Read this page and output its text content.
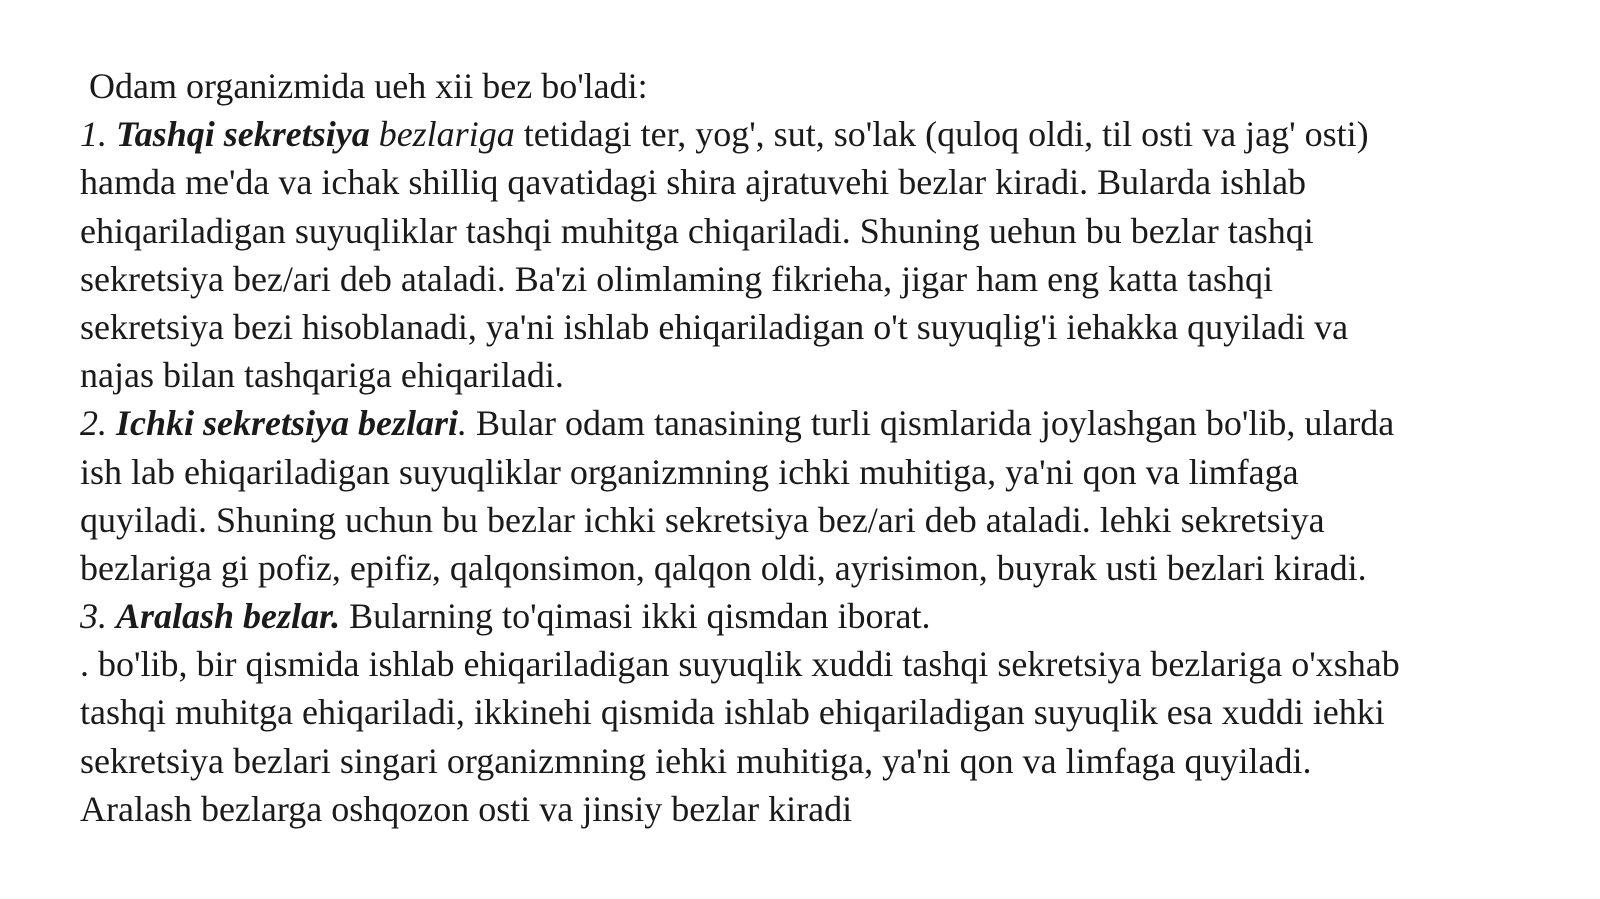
Odam organizmida ueh xii bez bo'ladi:
1. Tashqi sekretsiya bezlariga tetidagi ter, yog', sut, so'lak (quloq oldi, til osti va jag' osti)
hamda me'da va ichak shilliq qavatidagi shira ajratuvehi bezlar kiradi. Bularda ishlab
ehiqariladigan suyuqliklar tashqi muhitga chiqariladi. Shuning uehun bu bezlar tashqi
sekretsiya bez/ari deb ataladi. Ba'zi olimlaming fikrieha, jigar ham eng katta tashqi
sekretsiya bezi hisoblanadi, ya'ni ishlab ehiqariladigan o't suyuqlig'i iehakka quyiladi va
najas bilan tashqariga ehiqariladi.
2. Ichki sekretsiya bezlari. Bular odam tanasining turli qismlarida joylashgan bo'lib, ularda
ish lab ehiqariladigan suyuqliklar organizmning ichki muhitiga, ya'ni qon va limfaga
quyiladi. Shuning uchun bu bezlar ichki sekretsiya bez/ari deb ataladi. lehki sekretsiya
bezlariga gi pofiz, epifiz, qalqonsimon, qalqon oldi, ayrisimon, buyrak usti bezlari kiradi.
3. Aralash bezlar. Bularning to'qimasi ikki qismdan iborat.
. bo'lib, bir qismida ishlab ehiqariladigan suyuqlik xuddi tashqi sekretsiya bezlariga o'xshab
tashqi muhitga ehiqariladi, ikkinehi qismida ishlab ehiqariladigan suyuqlik esa xuddi iehki
sekretsiya bezlari singari organizmning iehki muhitiga, ya'ni qon va limfaga quyiladi.
Aralash bezlarga oshqozon osti va jinsiy bezlar kiradi
